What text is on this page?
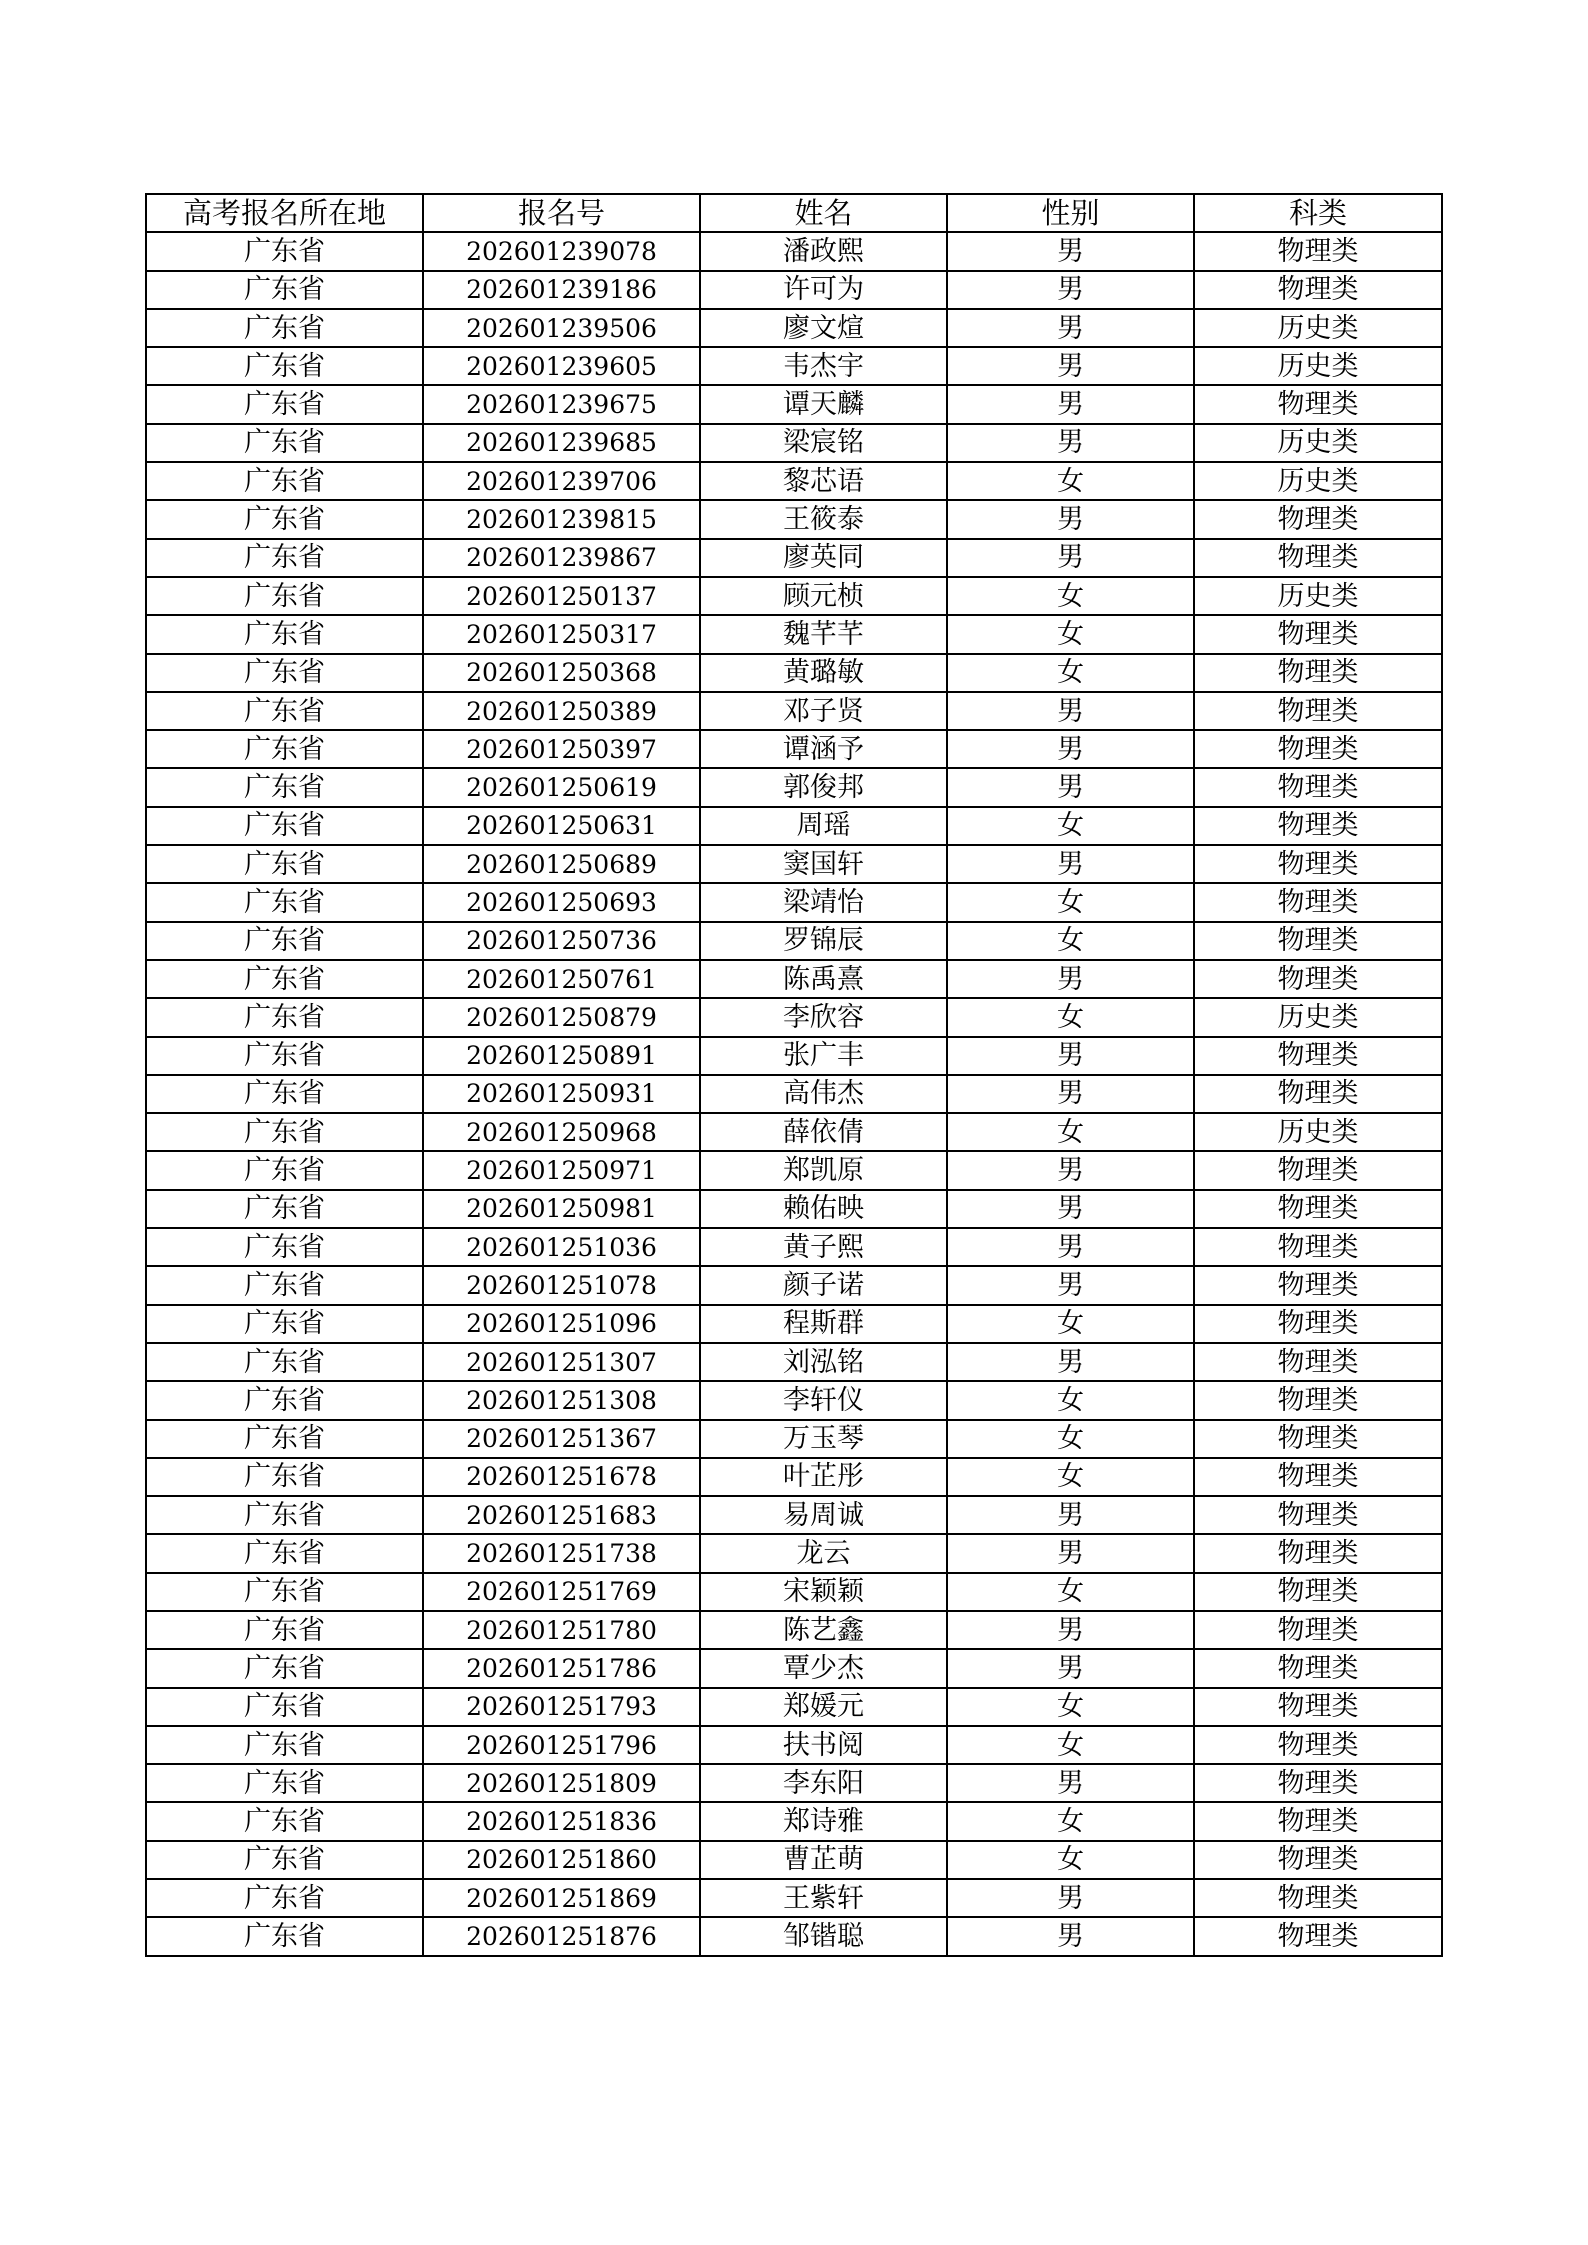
高考报名所在地	报名号	姓名	性别	科类
广东省	202601239078	潘政熙	男	物理类
广东省	202601239186	许可为	男	物理类
广东省	202601239506	廖文煊	男	历史类
广东省	202601239605	韦杰宇	男	历史类
广东省	202601239675	谭天麟	男	物理类
广东省	202601239685	梁宸铭	男	历史类
广东省	202601239706	黎芯语	女	历史类
广东省	202601239815	王筱泰	男	物理类
广东省	202601239867	廖英同	男	物理类
广东省	202601250137	顾元桢	女	历史类
广东省	202601250317	魏芊芊	女	物理类
广东省	202601250368	黄璐敏	女	物理类
广东省	202601250389	邓子贤	男	物理类
广东省	202601250397	谭涵予	男	物理类
广东省	202601250619	郭俊邦	男	物理类
广东省	202601250631	周瑶	女	物理类
广东省	202601250689	窦国轩	男	物理类
广东省	202601250693	梁靖怡	女	物理类
广东省	202601250736	罗锦辰	女	物理类
广东省	202601250761	陈禹熹	男	物理类
广东省	202601250879	李欣容	女	历史类
广东省	202601250891	张广丰	男	物理类
广东省	202601250931	高伟杰	男	物理类
广东省	202601250968	薛依倩	女	历史类
广东省	202601250971	郑凯原	男	物理类
广东省	202601250981	赖佑映	男	物理类
广东省	202601251036	黄子熙	男	物理类
广东省	202601251078	颜子诺	男	物理类
广东省	202601251096	程斯群	女	物理类
广东省	202601251307	刘泓铭	男	物理类
广东省	202601251308	李轩仪	女	物理类
广东省	202601251367	万玉琴	女	物理类
广东省	202601251678	叶芷彤	女	物理类
广东省	202601251683	易周诚	男	物理类
广东省	202601251738	龙云	男	物理类
广东省	202601251769	宋颖颖	女	物理类
广东省	202601251780	陈艺鑫	男	物理类
广东省	202601251786	覃少杰	男	物理类
广东省	202601251793	郑媛元	女	物理类
广东省	202601251796	扶书阅	女	物理类
广东省	202601251809	李东阳	男	物理类
广东省	202601251836	郑诗雅	女	物理类
广东省	202601251860	曹芷萌	女	物理类
广东省	202601251869	王紫轩	男	物理类
广东省	202601251876	邹锴聪	男	物理类
